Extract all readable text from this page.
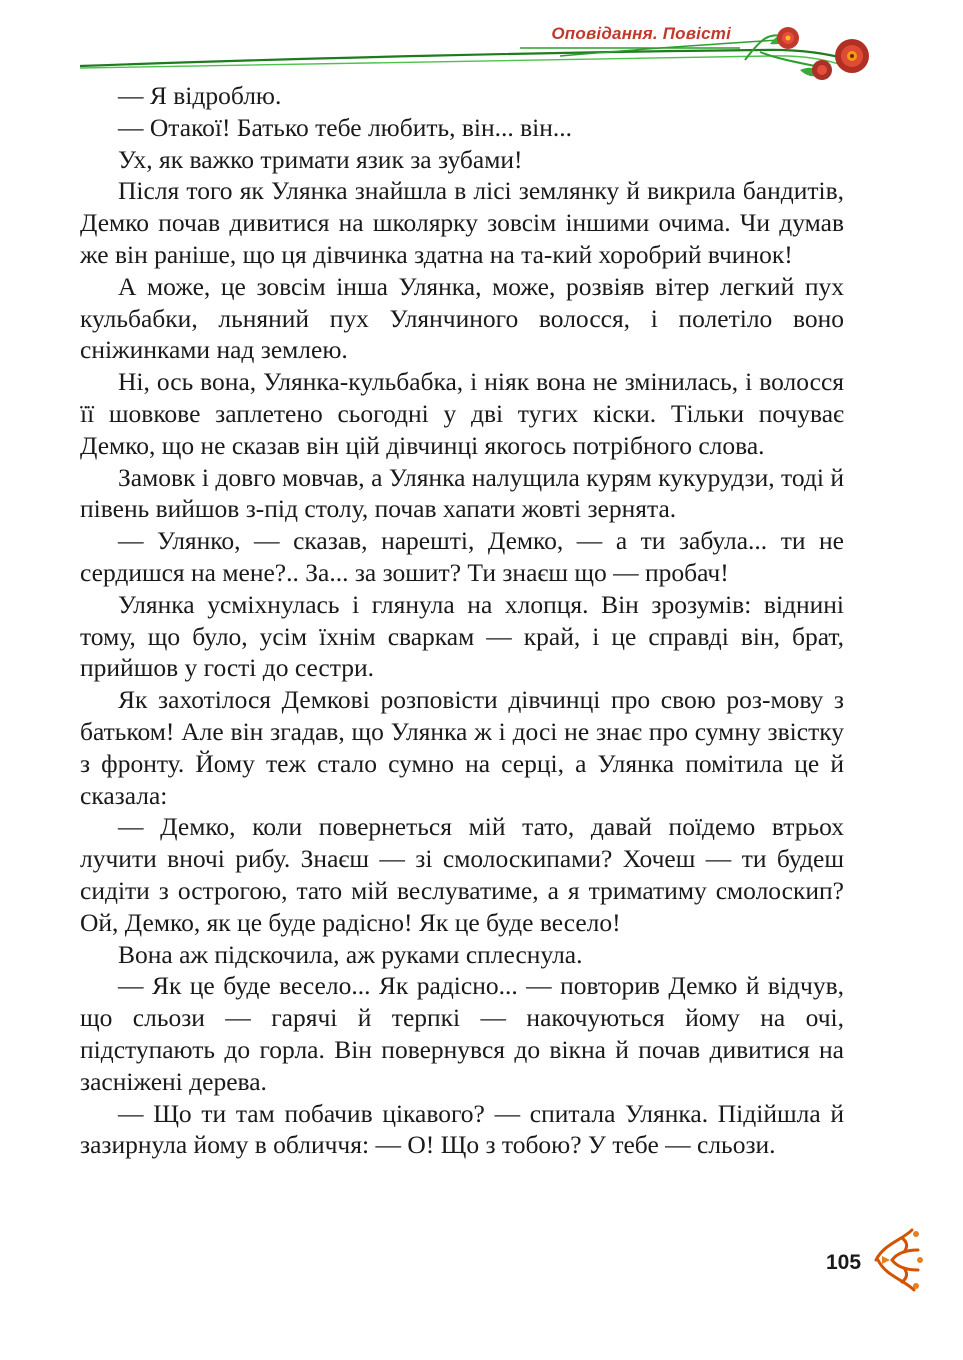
Оповідання. Повісті

— Я відроблю.

— Отакої! Батько тебе любить, він... він...

Ух, як важко тримати язик за зубами!

Після того як Улянка знайшла в лісі землянку й викрила бандитів, Демко почав дивитися на школярку зовсім іншими очима. Чи думав же він раніше, що ця дівчинка здатна на та-кий хоробрий вчинок!

А може, це зовсім інша Улянка, може, розвіяв вітер легкий пух кульбабки, льняний пух Улянчиного волосся, і полетіло воно сніжинками над землею.

Ні, ось вона, Улянка-кульбабка, і ніяк вона не змінилась, і волосся її шовкове заплетено сьогодні у дві тугих кіски. Тільки почуває Демко, що не сказав він цій дівчинці якогось потрібного слова.

Замовк і довго мовчав, а Улянка налущила курям кукурудзи, тоді й півень вийшов з-під столу, почав хапати жовті зернята.

— Улянко, — сказав, нарешті, Демко, — а ти забула... ти не сердишся на мене?.. За... за зошит? Ти знаєш що — пробач!

Улянка усміхнулась і глянула на хлопця. Він зрозумів: віднині тому, що було, усім їхнім сваркам — край, і це справді він, брат, прийшов у гості до сестри.

Як захотілося Демкові розповісти дівчинці про свою роз-мову з батьком! Але він згадав, що Улянка ж і досі не знає про сумну звістку з фронту. Йому теж стало сумно на серці, а Улянка помітила це й сказала:

— Демко, коли повернеться мій тато, давай поїдемо втрьох лучити вночі рибу. Знаєш — зі смолоскипами? Хочеш — ти будеш сидіти з острогою, тато мій веслуватиме, а я триматиму смолоскип? Ой, Демко, як це буде радісно! Як це буде весело!

Вона аж підскочила, аж руками сплеснула.

— Як це буде весело... Як радісно... — повторив Демко й відчув, що сльози — гарячі й терпкі — накочуються йому на очі, підступають до горла. Він повернувся до вікна й почав дивитися на засніжені дерева.

— Що ти там побачив цікавого? — спитала Улянка. Підійшла й зазирнула йому в обличчя: — О! Що з тобою? У тебе — сльози.

105
